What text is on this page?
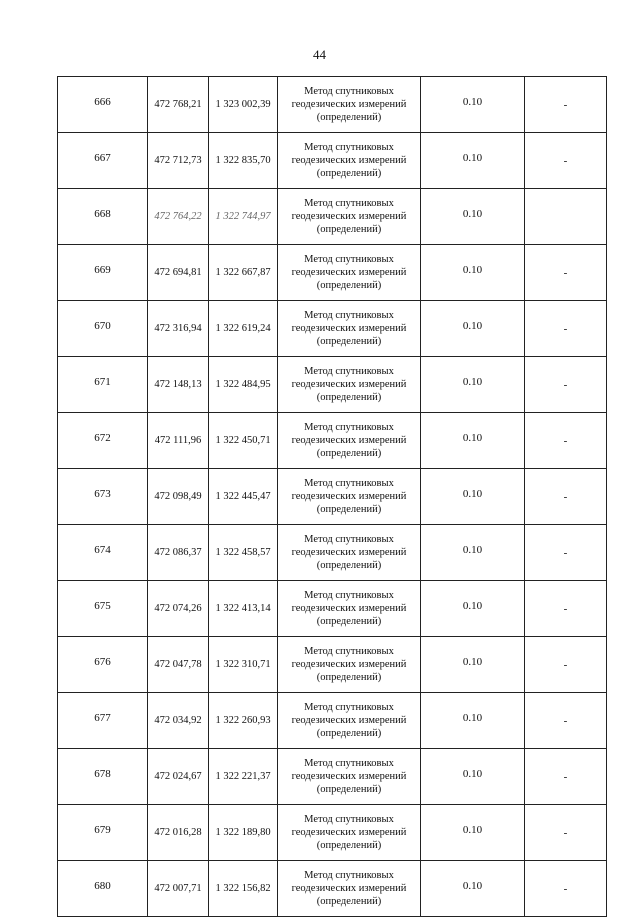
44
666	472 768,21	1 323 002,39	Метод спутниковых
геодезических измерений
(определений)	0.10	-
667	472 712,73	1 322 835,70	Метод спутниковых
геодезических измерений
(определений)	0.10	-
668	472 764,22	1 322 744,97	Метод спутниковых
геодезических измерений
(определений)	0.10	
669	472 694,81	1 322 667,87	Метод спутниковых
геодезических измерений
(определений)	0.10	-
670	472 316,94	1 322 619,24	Метод спутниковых
геодезических измерений
(определений)	0.10	-
671	472 148,13	1 322 484,95	Метод спутниковых
геодезических измерений
(определений)	0.10	-
672	472 111,96	1 322 450,71	Метод спутниковых
геодезических измерений
(определений)	0.10	-
673	472 098,49	1 322 445,47	Метод спутниковых
геодезических измерений
(определений)	0.10	-
674	472 086,37	1 322 458,57	Метод спутниковых
геодезических измерений
(определений)	0.10	-
675	472 074,26	1 322 413,14	Метод спутниковых
геодезических измерений
(определений)	0.10	-
676	472 047,78	1 322 310,71	Метод спутниковых
геодезических измерений
(определений)	0.10	-
677	472 034,92	1 322 260,93	Метод спутниковых
геодезических измерений
(определений)	0.10	-
678	472 024,67	1 322 221,37	Метод спутниковых
геодезических измерений
(определений)	0.10	-
679	472 016,28	1 322 189,80	Метод спутниковых
геодезических измерений
(определений)	0.10	-
680	472 007,71	1 322 156,82	Метод спутниковых
геодезических измерений
(определений)	0.10	-
